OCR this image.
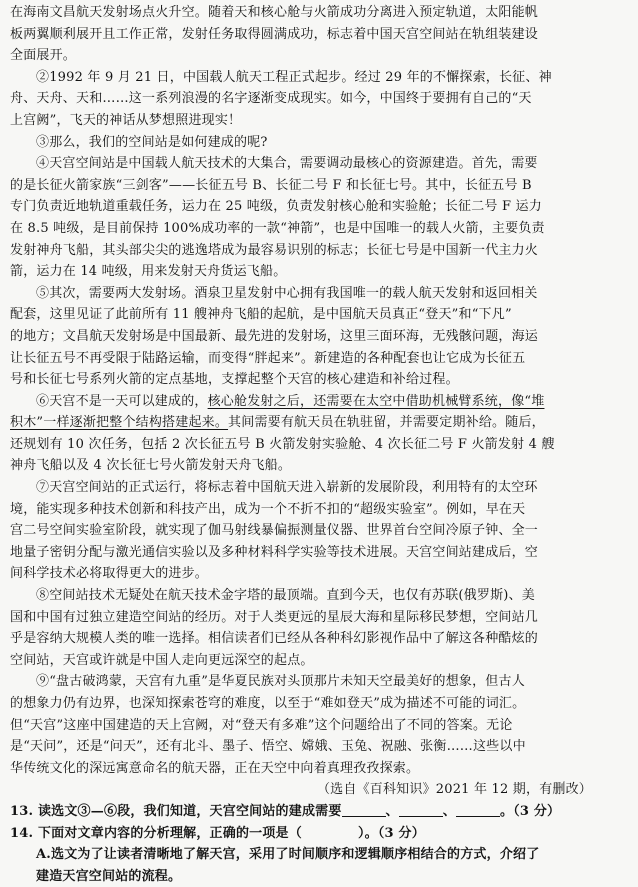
在海南文昌航天发射场点火升空。随着天和核心舱与火箭成功分离进入预定轨道，太阳能帆
板两翼顺利展开且工作正常，发射任务取得圆满成功，标志着中国天宫空间站在轨组装建设
全面展开。
②1992 年 9 月 21 日，中国载人航天工程正式起步。经过 29 年的不懈探索，长征、神
舟、天舟、天和……这一系列浪漫的名字逐渐变成现实。如今，中国终于要拥有自己的“天
上宫阙”，飞天的神话从梦想照进现实！
③那么，我们的空间站是如何建成的呢?
④天宫空间站是中国载人航天技术的大集合，需要调动最核心的资源建造。首先，需要
的是长征火箭家族“三剑客”——长征五号 B、长征二号 F 和长征七号。其中，长征五号 B
专门负责近地轨道重载任务，运力在 25 吨级，负责发射核心舱和实验舱；长征二号 F 运力
在 8.5 吨级，是目前保持 100%成功率的一款“神箭”，也是中国唯一的载人火箭，主要负责
发射神舟飞船，其头部尖尖的逃逸塔成为最容易识别的标志；长征七号是中国新一代主力火
箭，运力在 14 吨级，用来发射天舟货运飞船。
⑤其次，需要两大发射场。酒泉卫星发射中心拥有我国唯一的载人航天发射和返回相关
配套，这里见证了此前所有 11 艘神舟飞船的起航，是中国航天员真正“登天”和“下凡”
的地方；文昌航天发射场是中国最新、最先进的发射场，这里三面环海，无残骸问题，海运
让长征五号不再受限于陆路运输，而变得“胖起来”。新建造的各种配套也让它成为长征五
号和长征七号系列火箭的定点基地，支撑起整个天宫的核心建造和补给过程。
⑥天宫不是一天可以建成的，核心舱发射之后，还需要在太空中借助机械臂系统，像“堆
积木”一样逐渐把整个结构搭建起来。其间需要有航天员在轨驻留，并需要定期补给。随后，
还规划有 10 次任务，包括 2 次长征五号 B 火箭发射实验舱、4 次长征二号 F 火箭发射 4 艘
神舟飞船以及 4 次长征七号火箭发射天舟飞船。
⑦天宫空间站的正式运行，将标志着中国航天进入崭新的发展阶段，利用特有的太空环
境，能实现多种技术创新和科技产出，成为一个不折不扣的“超级实验室”。例如，早在天
宫二号空间实验室阶段，就实现了伽马射线暴偏振测量仪器、世界首台空间冷原子钟、全一
地量子密钥分配与激光通信实验以及多种材料科学实验等技术进展。天宫空间站建成后，空
间科学技术必将取得更大的进步。
⑧空间站技术无疑处在航天技术金字塔的最顶端。直到今天，也仅有苏联(俄罗斯)、美
国和中国有过独立建造空间站的经历。对于人类更远的星辰大海和星际移民梦想，空间站几
乎是容纳大规模人类的唯一选择。相信读者们已经从各种科幻影视作品中了解这各种酷炫的
空间站，天宫或许就是中国人走向更远深空的起点。
⑨“盘古破鸿蒙，天宫有九重”是华夏民族对头顶那片未知天空最美好的想象，但古人
的想象力仍有边界，也深知探索苍穹的难度，以至于“难如登天”成为描述不可能的词汇。
但“天宫”这座中国建造的天上宫阙，对“登天有多难”这个问题给出了不同的答案。无论
是“天问”，还是“问天”，还有北斗、墨子、悟空、嫦娥、玉兔、祝融、张衡……这些以中
华传统文化的深远寓意命名的航天器，正在天空中向着真理孜孜探索。
（选自《百科知识》2021 年 12 期，有删改）
13. 读选文③—⑥段，我们知道，天宫空间站的建成需要	、	、	。（3 分）
14. 下面对文章内容的分析理解，正确的一项是（	）。（3 分）
A.选文为了让读者清晰地了解天宫，采用了时间顺序和逻辑顺序相结合的方式，介绍了
建造天宫空间站的流程。
